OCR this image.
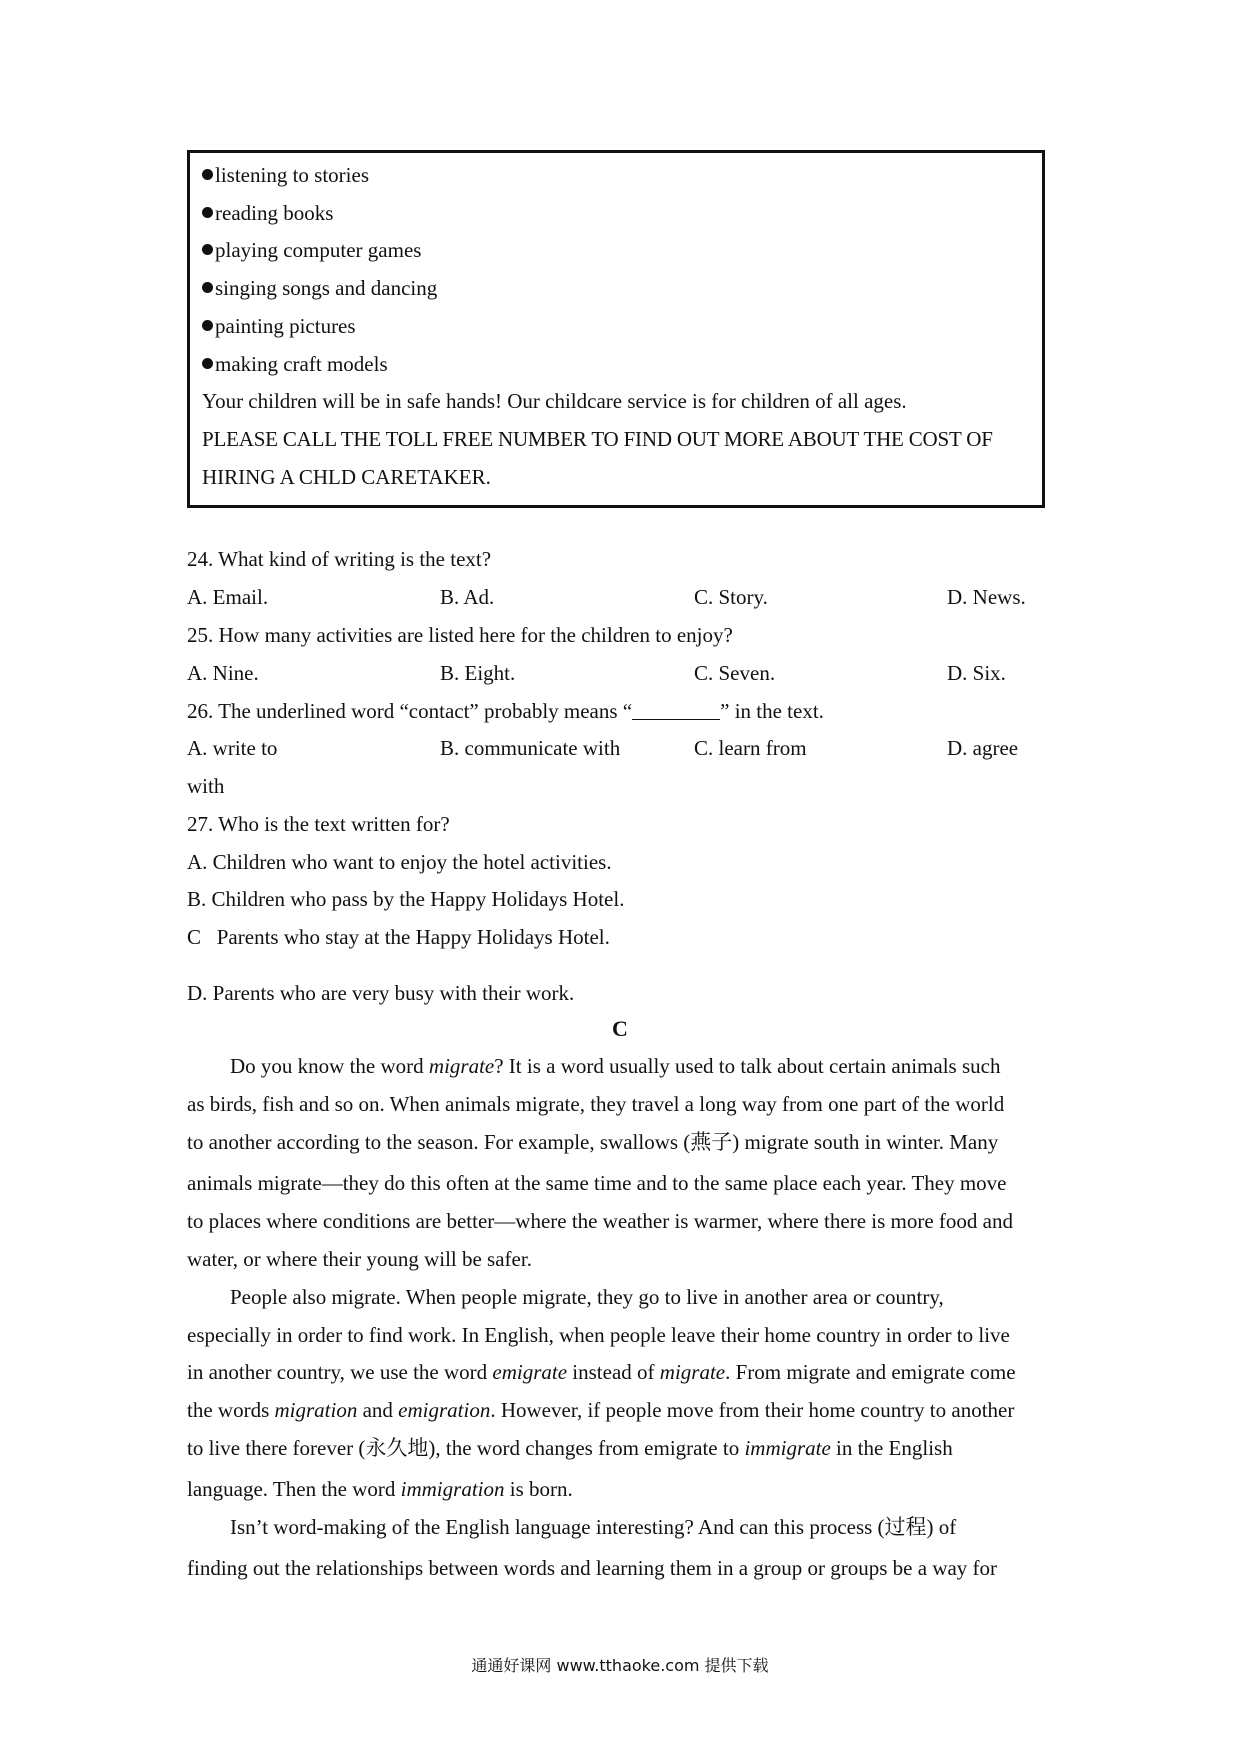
listening to stories
reading books
playing computer games
singing songs and dancing
painting pictures
making craft models
Your children will be in safe hands! Our childcare service is for children of all ages.
PLEASE CALL THE TOLL FREE NUMBER TO FIND OUT MORE ABOUT THE COST OF
HIRING A CHLD CARETAKER.
24. What kind of writing is the text?
A. Email.	B. Ad.	C. Story.	D. News.
25. How many activities are listed here for the children to enjoy?
A. Nine.	B. Eight.	C. Seven.	D. Six.
26. The underlined word “contact” probably means “	” in the text.
A. write to	B. communicate with	C. learn from	D. agree
with
27. Who is the text written for?
A. Children who want to enjoy the hotel activities.
B. Children who pass by the Happy Holidays Hotel.
C   Parents who stay at the Happy Holidays Hotel.
D. Parents who are very busy with their work.
C
Do you know the word migrate? It is a word usually used to talk about certain animals such
as birds, fish and so on. When animals migrate, they travel a long way from one part of the world
to another according to the season. For example, swallows (燕子) migrate south in winter. Many
animals migrate—they do this often at the same time and to the same place each year. They move
to places where conditions are better—where the weather is warmer, where there is more food and
water, or where their young will be safer.
People also migrate. When people migrate, they go to live in another area or country,
especially in order to find work. In English, when people leave their home country in order to live
in another country, we use the word emigrate instead of migrate. From migrate and emigrate come
the words migration and emigration. However, if people move from their home country to another
to live there forever (永久地), the word changes from emigrate to immigrate in the English
language. Then the word immigration is born.
Isn’t word-making of the English language interesting? And can this process (过程) of
finding out the relationships between words and learning them in a group or groups be a way for
通通好课网 www.tthaoke.com 提供下载
